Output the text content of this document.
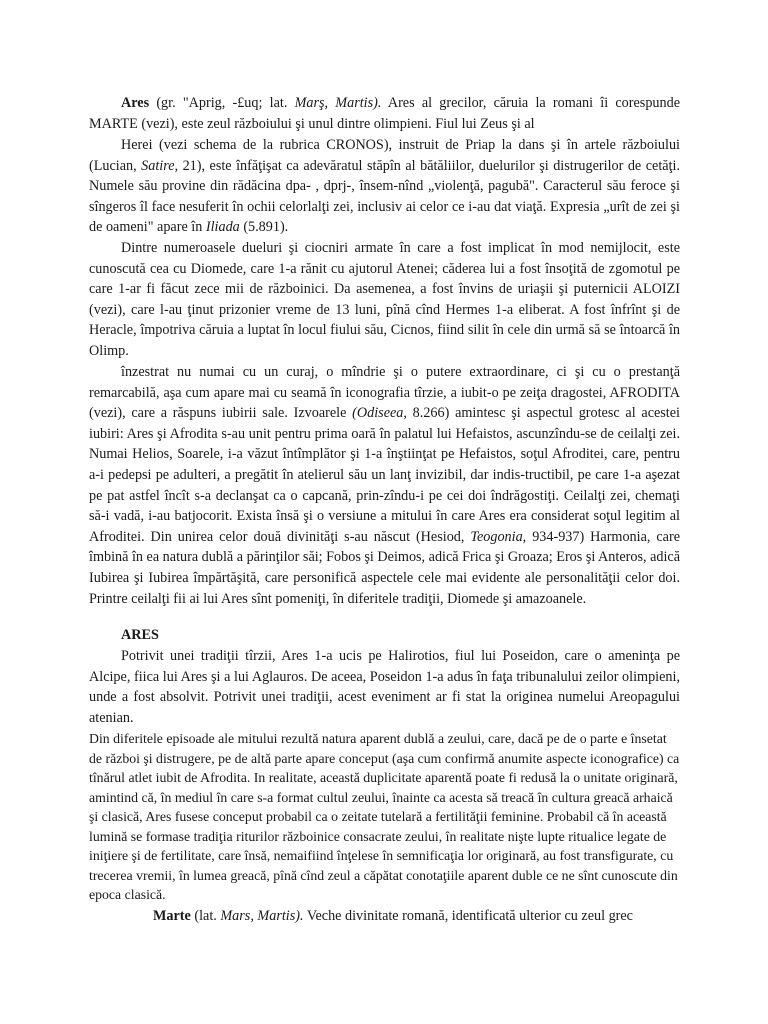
Ares (gr. "Aprig, -£uq; lat. Marş, Martis). Ares al grecilor, căruia la romani îi corespunde MARTE (vezi), este zeul războiului şi unul dintre olimpieni. Fiul lui Zeus şi al

Herei (vezi schema de la rubrica CRONOS), instruit de Priap la dans şi în artele războiului (Lucian, Satire, 21), este înfăţişat ca adevăratul stăpîn al bătăliilor, duelurilor şi distrugerilor de cetăţi. Numele său provine din rădăcina dpa- , dprj-, însem-nînd „violenţă, pagubă". Caracterul său feroce şi sîngeros îl face nesuferit în ochii celorlalţi zei, inclusiv ai celor ce i-au dat viaţă. Expresia „urît de zei şi de oameni" apare în Iliada (5.891).

Dintre numeroasele dueluri şi ciocniri armate în care a fost implicat în mod nemijlocit, este cunoscută cea cu Diomede, care 1-a rănit cu ajutorul Atenei; căderea lui a fost însoţită de zgomotul pe care 1-ar fi făcut zece mii de războinici. Da asemenea, a fost învins de uriaşii şi puternicii ALOIZI (vezi), care l-au ţinut prizonier vreme de 13 luni, pînă cînd Hermes 1-a eliberat. A fost înfrînt şi de Heracle, împotriva căruia a luptat în locul fiului său, Cicnos, fiind silit în cele din urmă să se întoarcă în Olimp.

înzestrat nu numai cu un curaj, o mîndrie şi o putere extraordinare, ci şi cu o prestanţă remarcabilă, aşa cum apare mai cu seamă în iconografia tîrzie, a iubit-o pe zeiţa dragostei, AFRODITA (vezi), care a răspuns iubirii sale. Izvoarele (Odiseea, 8.266) amintesc şi aspectul grotesc al acestei iubiri: Ares şi Afrodita s-au unit pentru prima oară în palatul lui Hefaistos, ascunzîndu-se de ceilalţi zei. Numai Helios, Soarele, i-a văzut întîmplător şi 1-a înştiinţat pe Hefaistos, soţul Afroditei, care, pentru a-i pedepsi pe adulteri, a pregătit în atelierul său un lanţ invizibil, dar indis-tructibil, pe care 1-a aşezat pe pat astfel încît s-a declanşat ca o capcană, prin-zîndu-i pe cei doi îndrăgostiţi. Ceilalţi zei, chemaţi să-i vadă, i-au batjocorit. Exista însă şi o versiune a mitului în care Ares era considerat soţul legitim al Afroditei. Din unirea celor două divinităţi s-au născut (Hesiod, Teogonia, 934-937) Harmonia, care îmbină în ea natura dublă a părinţilor săi; Fobos şi Deimos, adică Frica şi Groaza; Eros şi Anteros, adică Iubirea şi Iubirea împărtăşită, care personifică aspectele cele mai evidente ale personalităţii celor doi. Printre ceilalţi fii ai lui Ares sînt pomeniţi, în diferitele tradiţii, Diomede şi amazoanele.

ARES

Potrivit unei tradiţii tîrzii, Ares 1-a ucis pe Halirotios, fiul lui Poseidon, care o ameninţa pe Alcipe, fiica lui Ares şi a lui Aglauros. De aceea, Poseidon 1-a adus în faţa tribunalului zeilor olimpieni, unde a fost absolvit. Potrivit unei tradiţii, acest eveniment ar fi stat la originea numelui Areopagului atenian.

Din diferitele episoade ale mitului rezultă natura aparent dublă a zeului, care, dacă pe de o parte e însetat de război şi distrugere, pe de altă parte apare conceput (aşa cum confirmă anumite aspecte iconografice) ca tînărul atlet iubit de Afrodita. In realitate, această duplicitate aparentă poate fi redusă la o unitate originară, amintind că, în mediul în care s-a format cultul zeului, înainte ca acesta să treacă în cultura greacă arhaică şi clasică, Ares fusese conceput probabil ca o zeitate tutelară a fertilităţii feminine. Probabil că în această lumină se formase tradiţia riturilor războinice consacrate zeului, în realitate nişte lupte ritualice legate de iniţiere şi de fertilitate, care însă, nemaifiind înţelese în semnificaţia lor originară, au fost transfigurate, cu trecerea vremii, în lumea greacă, pînă cînd zeul a căpătat conotaţiile aparent duble ce ne sînt cunoscute din epoca clasică.

Marte (lat. Mars, Martis). Veche divinitate romană, identificată ulterior cu zeul grec
